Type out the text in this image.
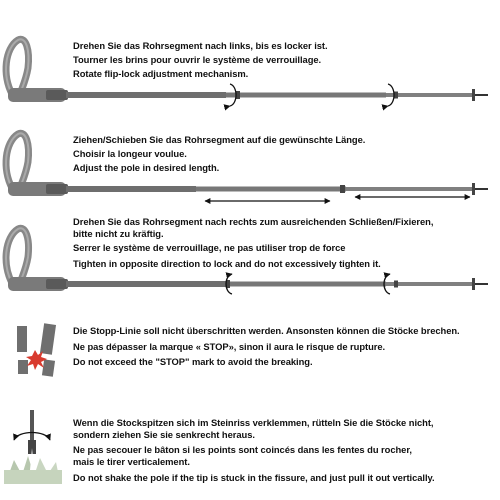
Drehen Sie das Rohrsegment nach links, bis es locker ist.
Tourner les brins pour ouvrir le système de verrouillage.
Rotate flip-lock adjustment mechanism.
Ziehen/Schieben Sie das Rohrsegment auf die gewünschte Länge.
Choisir la longeur voulue.
Adjust the pole in desired length.
Drehen Sie das Rohrsegment nach rechts zum ausreichenden Schließen/Fixieren,
bitte nicht zu kräftig.
Serrer le système de verrouillage, ne pas utiliser trop de force
Tighten in opposite direction to lock and do not excessively tighten it.
Die Stopp-Linie soll nicht überschritten werden. Ansonsten können die Stöcke brechen.
Ne pas dépasser la marque « STOP», sinon il aura le risque de rupture.
Do not exceed the "STOP" mark to avoid the breaking.
Wenn die Stockspitzen sich im Steinriss verklemmen, rütteln Sie die Stöcke nicht,
sondern ziehen Sie sie senkrecht heraus.
Ne pas secouer le bâton si les points sont coincés dans les fentes du rocher,
mais le tirer verticalement.
Do not shake the pole if the tip is stuck in the fissure, and just pull it out vertically.
